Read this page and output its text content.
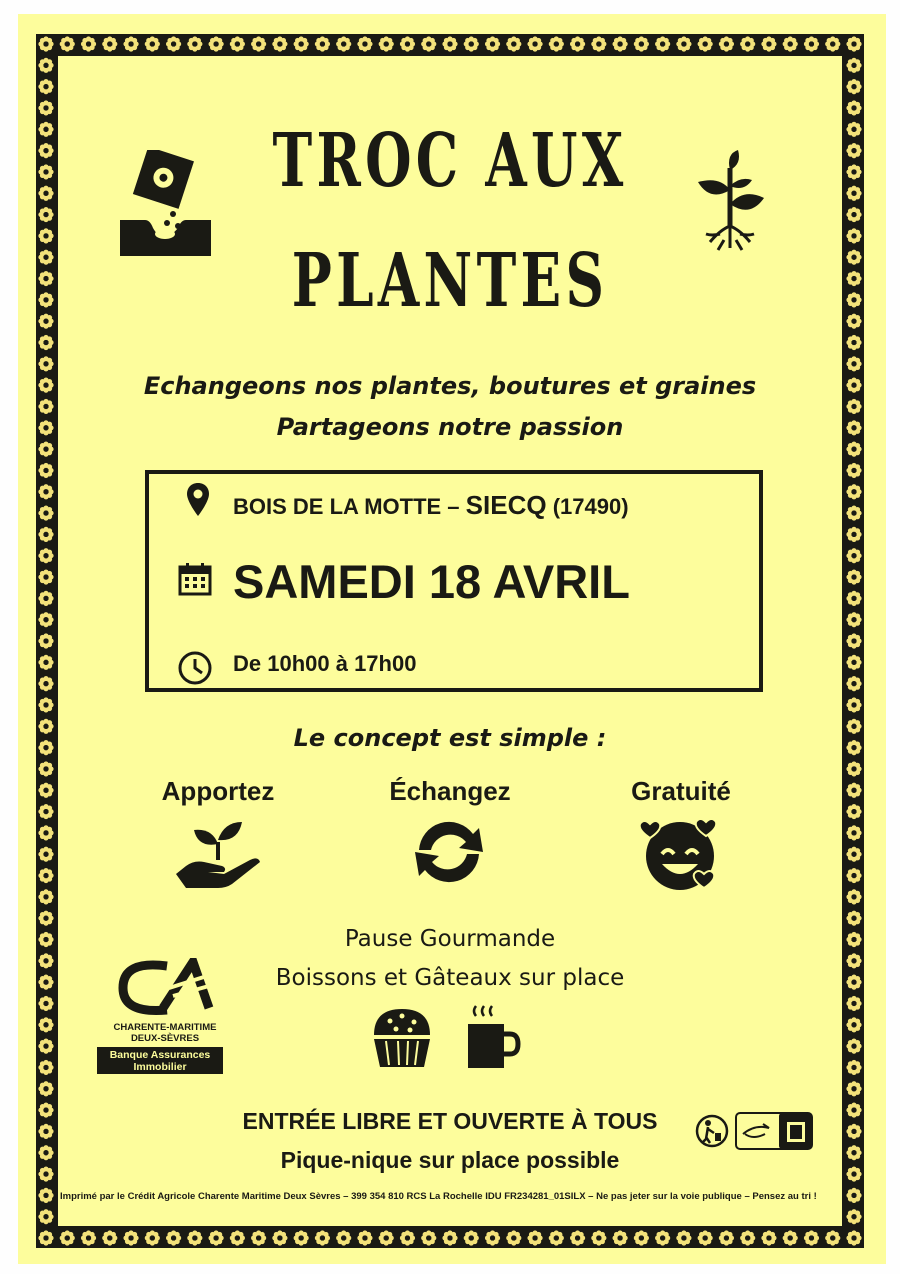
TROC AUX
PLANTES
Echangeons nos plantes, boutures et graines
Partageons notre passion
BOIS DE LA MOTTE – SIECQ (17490)
SAMEDI 18 AVRIL
De 10h00 à 17h00
Le concept est simple :
Apportez	Échangez	Gratuité
Pause Gourmande
Boissons et Gâteaux sur place
CHARENTE-MARITIME
DEUX-SÈVRES
Banque Assurances
Immobilier
ENTRÉE LIBRE ET OUVERTE À TOUS
Pique-nique sur place possible
Imprimé par le Crédit Agricole Charente Maritime Deux Sèvres – 399 354 810 RCS La Rochelle IDU FR234281_01SILX – Ne pas jeter sur la voie publique – Pensez au tri !
